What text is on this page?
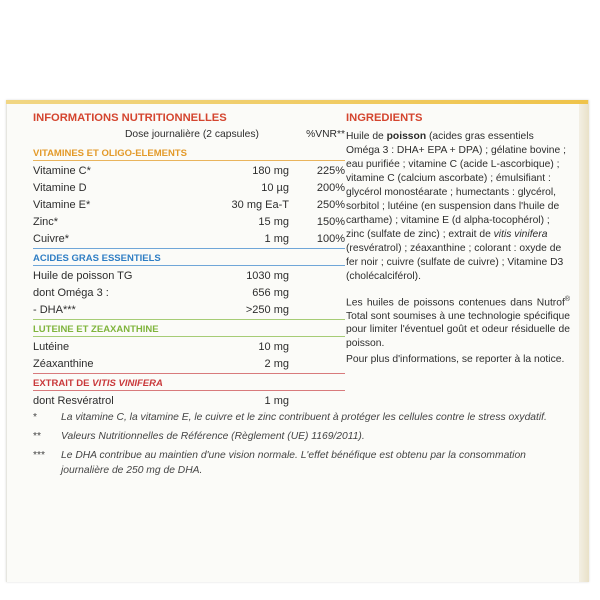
INFORMATIONS NUTRITIONNELLES
Dose journalière (2 capsules)	%VNR**
VITAMINES ET OLIGO-ELEMENTS
Vitamine C*	180 mg	225%
Vitamine D	10 µg	200%
Vitamine E*	30 mg Ea-T	250%
Zinc*	15 mg	150%
Cuivre*	1 mg	100%
ACIDES GRAS ESSENTIELS
Huile de poisson TG	1030 mg
dont Oméga 3 :	656 mg
- DHA***	>250 mg
LUTEINE ET ZEAXANTHINE
Lutéine	10 mg
Zéaxanthine	2 mg
EXTRAIT DE VITIS VINIFERA
dont Resvératrol	1 mg
INGREDIENTS
Huile de poisson (acides gras essentiels Oméga 3 : DHA+ EPA + DPA) ; gélatine bovine ; eau purifiée ; vitamine C (acide L-ascorbique) ; vitamine C (calcium ascorbate) ; émulsifiant : glycérol monostéarate ; humectants : glycérol, sorbitol ; lutéine (en suspension dans l'huile de carthame) ; vitamine E (d alpha-tocophérol) ; zinc (sulfate de zinc) ; extrait de vitis vinifera (resvératrol) ; zéaxanthine ; colorant : oxyde de fer noir ; cuivre (sulfate de cuivre) ; Vitamine D3 (cholécalciférol).
Les huiles de poissons contenues dans Nutrof® Total sont soumises à une technologie spécifique pour limiter l'éventuel goût et odeur résiduelle de poisson.
Pour plus d'informations, se reporter à la notice.
* La vitamine C, la vitamine E, le cuivre et le zinc contribuent à protéger les cellules contre le stress oxydatif.
** Valeurs Nutritionnelles de Référence (Règlement (UE) 1169/2011).
*** Le DHA contribue au maintien d'une vision normale. L'effet bénéfique est obtenu par la consommation journalière de 250 mg de DHA.
